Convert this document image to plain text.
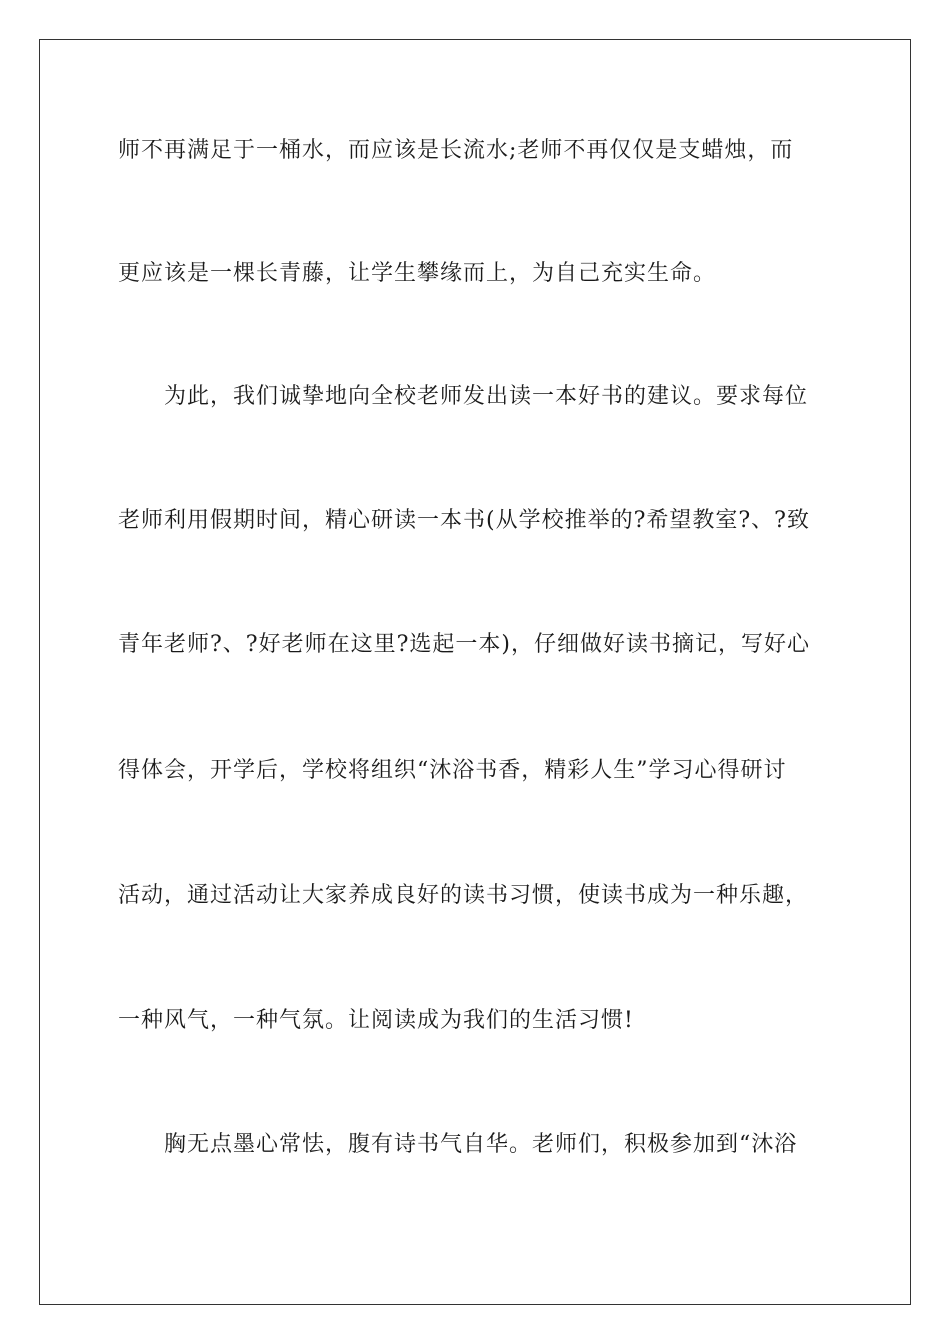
师不再满足于一桶水，而应该是长流水;老师不再仅仅是支蜡烛，而
更应该是一棵长青藤，让学生攀缘而上，为自己充实生命。
为此，我们诚挚地向全校老师发出读一本好书的建议。要求每位
老师利用假期时间，精心研读一本书(从学校推举的?希望教室?、?致
青年老师?、?好老师在这里?选起一本)，仔细做好读书摘记，写好心
得体会，开学后，学校将组织“沐浴书香，精彩人生”学习心得研讨
活动，通过活动让大家养成良好的读书习惯，使读书成为一种乐趣，
一种风气，一种气氛。让阅读成为我们的生活习惯!
胸无点墨心常怯，腹有诗书气自华。老师们，积极参加到“沐浴
